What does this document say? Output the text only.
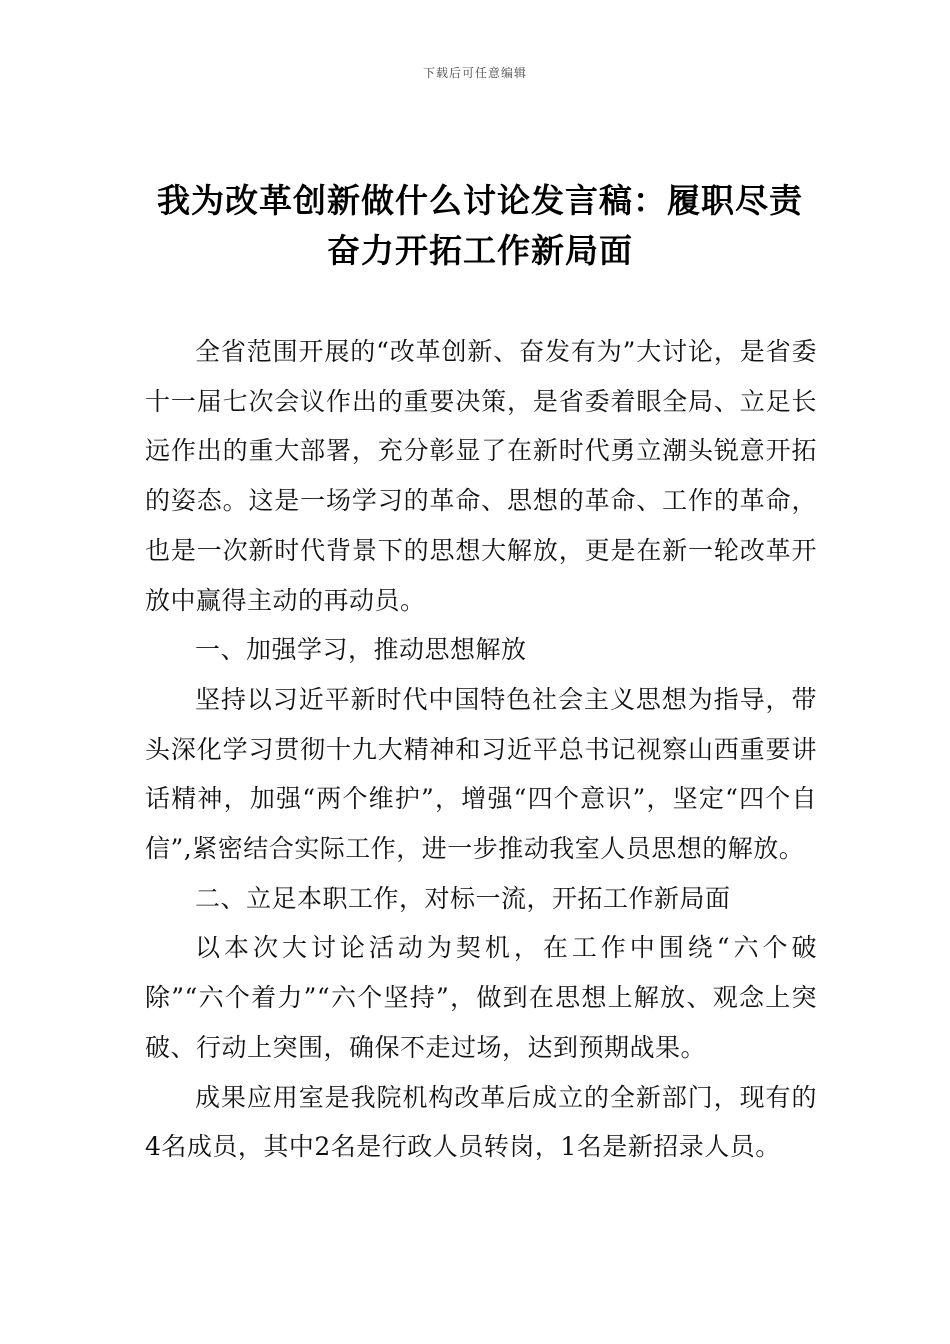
下载后可任意编辑
我为改革创新做什么讨论发言稿：履职尽责 奋力开拓工作新局面

全省范围开展的“改革创新、奋发有为”大讨论，是省委十一届七次会议作出的重要决策，是省委着眼全局、立足长远作出的重大部署，充分彰显了在新时代勇立潮头锐意开拓的姿态。这是一场学习的革命、思想的革命、工作的革命，也是一次新时代背景下的思想大解放，更是在新一轮改革开放中赢得主动的再动员。

一、加强学习，推动思想解放

坚持以习近平新时代中国特色社会主义思想为指导，带头深化学习贯彻十九大精神和习近平总书记视察山西重要讲话精神，加强“两个维护”，增强“四个意识”，坚定“四个自信”,紧密结合实际工作，进一步推动我室人员思想的解放。

二、立足本职工作，对标一流，开拓工作新局面

以本次大讨论活动为契机，在工作中围绕“六个破除”“六个着力”“六个坚持”，做到在思想上解放、观念上突破、行动上突围，确保不走过场，达到预期战果。

成果应用室是我院机构改革后成立的全新部门，现有的4名成员，其中2名是行政人员转岗，1名是新招录人员。
